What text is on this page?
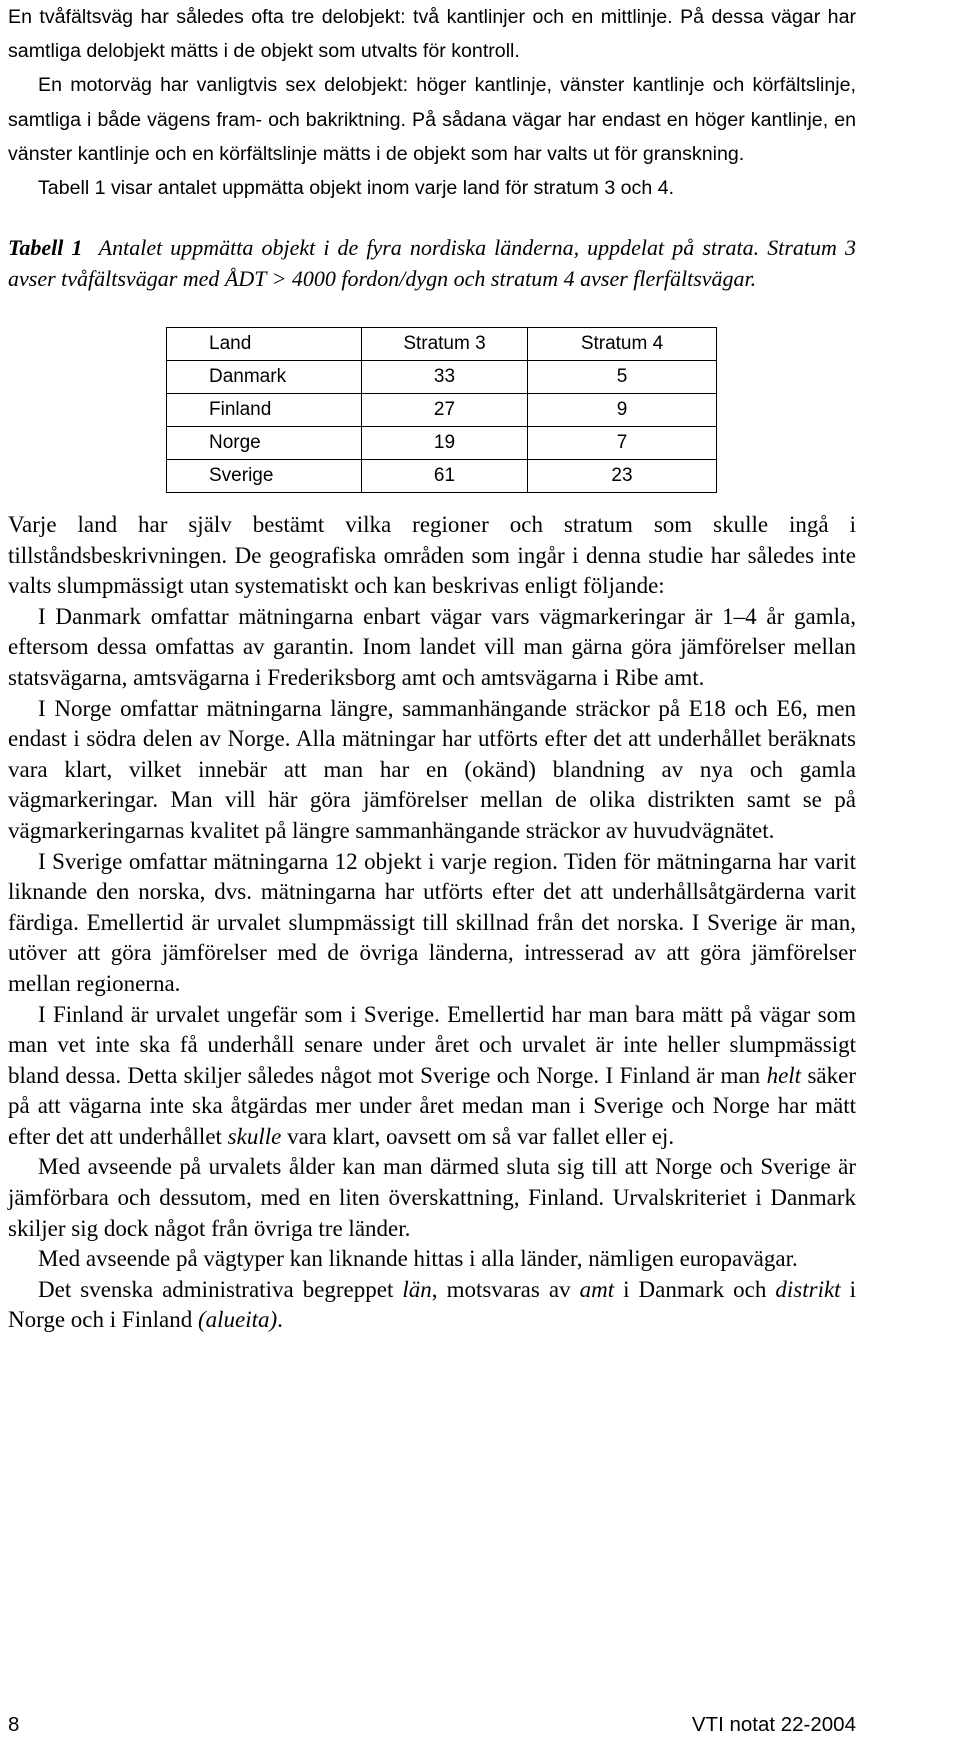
En tvåfältsväg har således ofta tre delobjekt: två kantlinjer och en mittlinje. På dessa vägar har samtliga delobjekt mätts i de objekt som utvalts för kontroll.

En motorväg har vanligtvis sex delobjekt: höger kantlinje, vänster kantlinje och körfältslinje, samtliga i både vägens fram- och bakriktning. På sådana vägar har endast en höger kantlinje, en vänster kantlinje och en körfältslinje mätts i de objekt som har valts ut för granskning.

Tabell 1 visar antalet uppmätta objekt inom varje land för stratum 3 och 4.

Tabell 1 Antalet uppmätta objekt i de fyra nordiska länderna, uppdelat på strata. Stratum 3 avser tvåfältsvägar med ÅDT > 4000 fordon/dygn och stratum 4 avser flerfältsvägar.
Land	Stratum 3	Stratum 4
Danmark	33	5
Finland	27	9
Norge	19	7
Sverige	61	23

Varje land har själv bestämt vilka regioner och stratum som skulle ingå i tillståndsbeskrivningen. De geografiska områden som ingår i denna studie har således inte valts slumpmässigt utan systematiskt och kan beskrivas enligt följande:

I Danmark omfattar mätningarna enbart vägar vars vägmarkeringar är 1–4 år gamla, eftersom dessa omfattas av garantin. Inom landet vill man gärna göra jämförelser mellan statsvägarna, amtsvägarna i Frederiksborg amt och amtsvägarna i Ribe amt.

I Norge omfattar mätningarna längre, sammanhängande sträckor på E18 och E6, men endast i södra delen av Norge. Alla mätningar har utförts efter det att underhållet beräknats vara klart, vilket innebär att man har en (okänd) blandning av nya och gamla vägmarkeringar. Man vill här göra jämförelser mellan de olika distrikten samt se på vägmarkeringarnas kvalitet på längre sammanhängande sträckor av huvudvägnätet.

I Sverige omfattar mätningarna 12 objekt i varje region. Tiden för mätningarna har varit liknande den norska, dvs. mätningarna har utförts efter det att underhållsåtgärderna varit färdiga. Emellertid är urvalet slumpmässigt till skillnad från det norska. I Sverige är man, utöver att göra jämförelser med de övriga länderna, intresserad av att göra jämförelser mellan regionerna.

I Finland är urvalet ungefär som i Sverige. Emellertid har man bara mätt på vägar som man vet inte ska få underhåll senare under året och urvalet är inte heller slumpmässigt bland dessa. Detta skiljer således något mot Sverige och Norge. I Finland är man helt säker på att vägarna inte ska åtgärdas mer under året medan man i Sverige och Norge har mätt efter det att underhållet skulle vara klart, oavsett om så var fallet eller ej.

Med avseende på urvalets ålder kan man därmed sluta sig till att Norge och Sverige är jämförbara och dessutom, med en liten överskattning, Finland. Urvalskriteriet i Danmark skiljer sig dock något från övriga tre länder.

Med avseende på vägtyper kan liknande hittas i alla länder, nämligen europavägar.

Det svenska administrativa begreppet län, motsvaras av amt i Danmark och distrikt i Norge och i Finland (alueita).

8	VTI notat 22-2004
